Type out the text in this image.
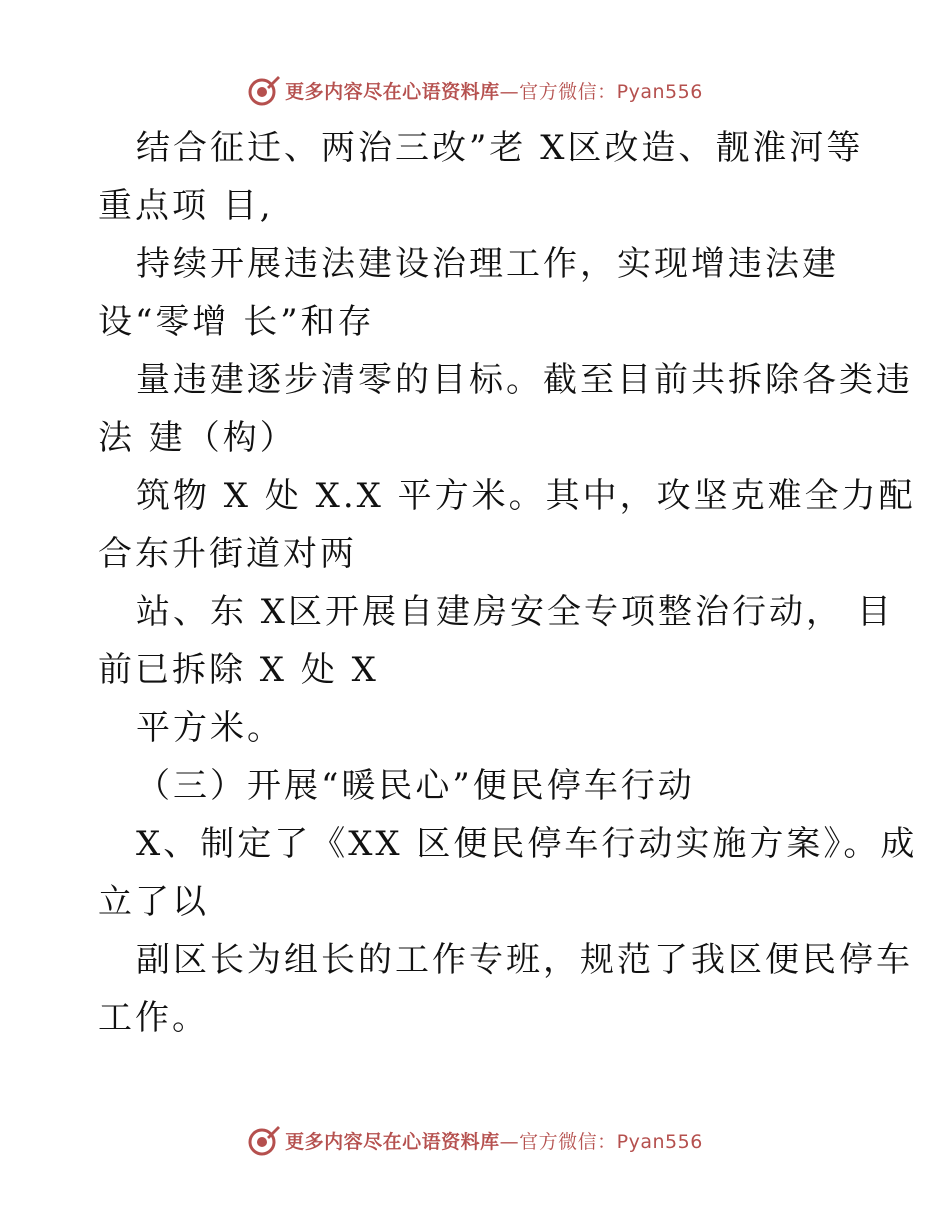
更多内容尽在心语资料库—官方微信：Pyan556
结合征迁、两治三改”老 X区改造、靓淮河等
重点项 目,
持续开展违法建设治理工作，实现增违法建
设“零增 长”和存
量违建逐步清零的目标。截至目前共拆除各类违
法 建（构）
筑物 X 处 X.X 平方米。其中，攻坚克难全力配
合东升街道对两
站、东 X区开展自建房安全专项整治行动， 目
前已拆除 X 处 X
平方米。
（三）开展“暖民心”便民停车行动
X、制定了《XX 区便民停车行动实施方案》。成
立了以
副区长为组长的工作专班，规范了我区便民停车
工作。
更多内容尽在心语资料库—官方微信：Pyan556
